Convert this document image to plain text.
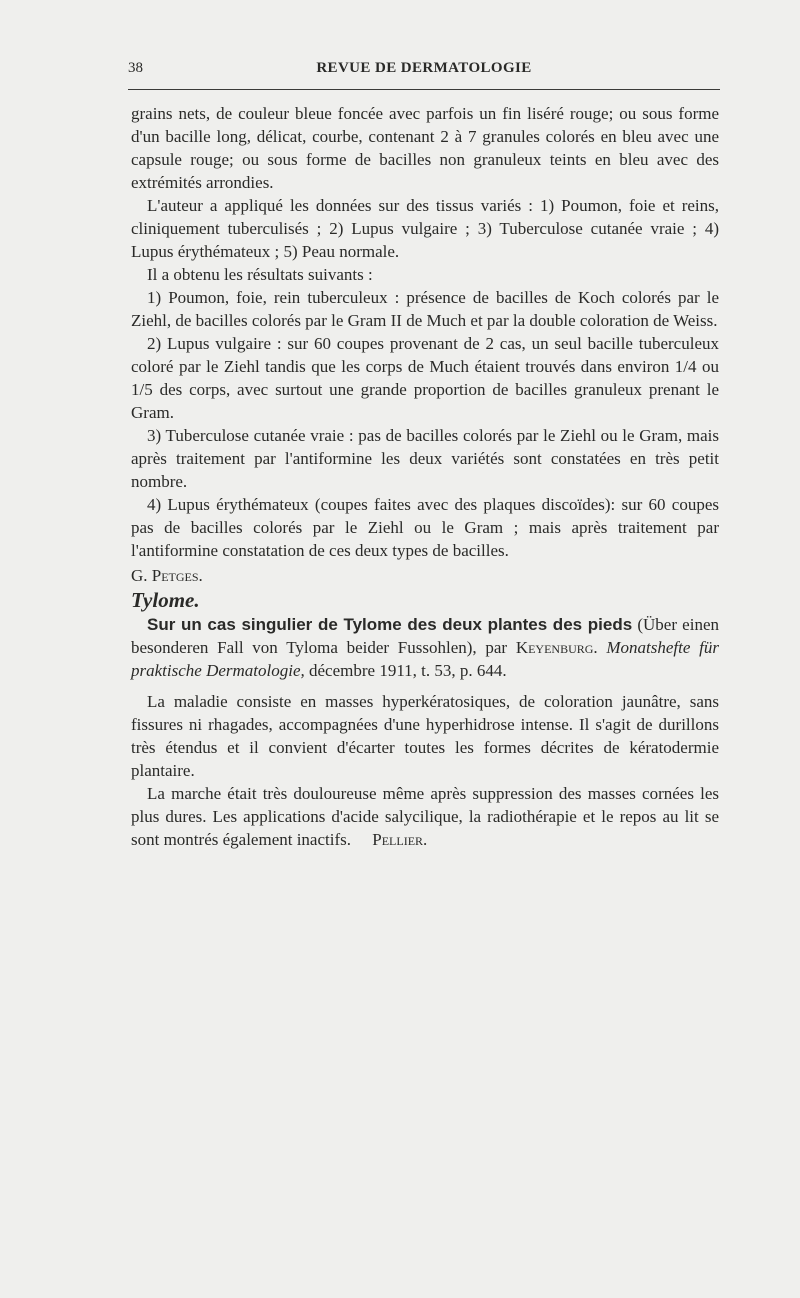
38	REVUE DE DERMATOLOGIE

grains nets, de couleur bleue foncée avec parfois un fin liséré rouge; ou sous forme d'un bacille long, délicat, courbe, contenant 2 à 7 granules colorés en bleu avec une capsule rouge; ou sous forme de bacilles non granuleux teints en bleu avec des extrémités arrondies.

L'auteur a appliqué les données sur des tissus variés : 1) Poumon, foie et reins, cliniquement tuberculisés ; 2) Lupus vulgaire ; 3) Tuberculose cutanée vraie ; 4) Lupus érythémateux ; 5) Peau normale.

Il a obtenu les résultats suivants :

1) Poumon, foie, rein tuberculeux : présence de bacilles de Koch colorés par le Ziehl, de bacilles colorés par le Gram II de Much et par la double coloration de Weiss.

2) Lupus vulgaire : sur 60 coupes provenant de 2 cas, un seul bacille tuberculeux coloré par le Ziehl tandis que les corps de Much étaient trouvés dans environ 1/4 ou 1/5 des corps, avec surtout une grande proportion de bacilles granuleux prenant le Gram.

3) Tuberculose cutanée vraie : pas de bacilles colorés par le Ziehl ou le Gram, mais après traitement par l'antiformine les deux variétés sont constatées en très petit nombre.

4) Lupus érythémateux (coupes faites avec des plaques discoïdes): sur 60 coupes pas de bacilles colorés par le Ziehl ou le Gram ; mais après traitement par l'antiformine constatation de ces deux types de bacilles.

G. Petges.

Tylome.

Sur un cas singulier de Tylome des deux plantes des pieds (Über einen besonderen Fall von Tyloma beider Fussohlen), par Keyenburg. Monatshefte für praktische Dermatologie, décembre 1911, t. 53, p. 644.

La maladie consiste en masses hyperkératosiques, de coloration jaunâtre, sans fissures ni rhagades, accompagnées d'une hyperhidrose intense. Il s'agit de durillons très étendus et il convient d'écarter toutes les formes décrites de kératodermie plantaire.

La marche était très douloureuse même après suppression des masses cornées les plus dures. Les applications d'acide salycilique, la radiothérapie et le repos au lit se sont montrés également inactifs. Pellier.
